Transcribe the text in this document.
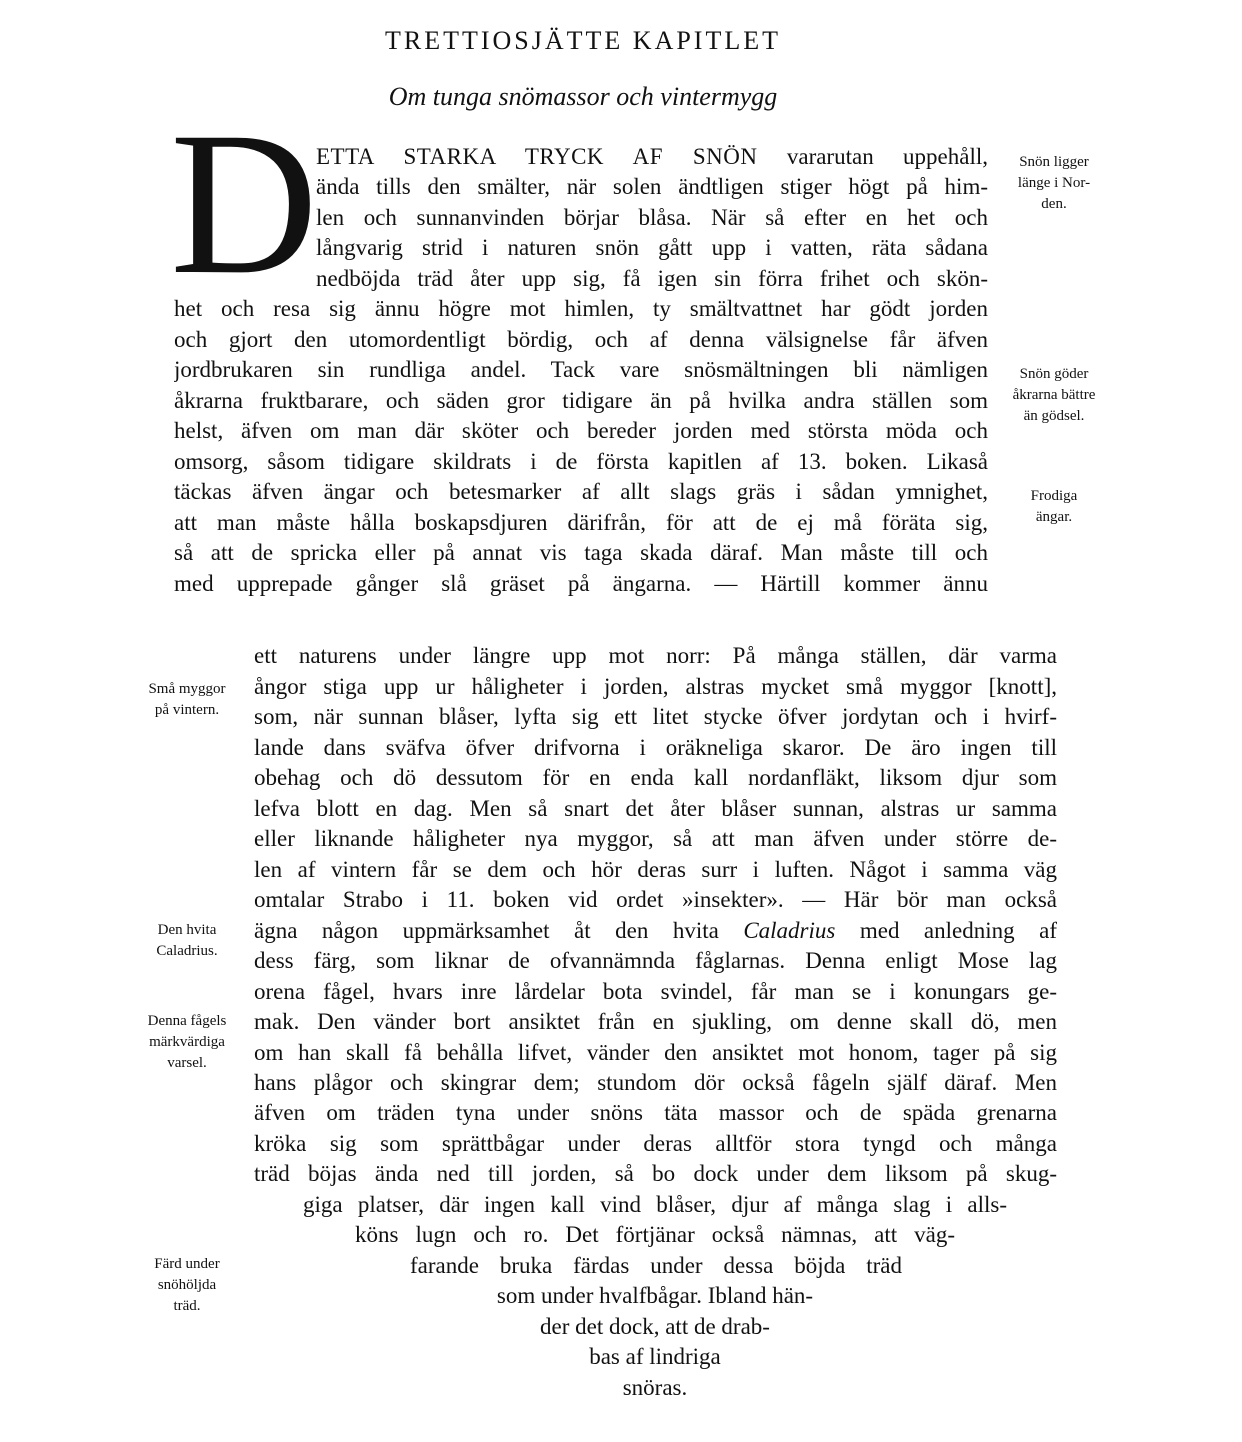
TRETTIOSJÄTTE KAPITLET
Om tunga snömassor och vintermygg
D
ETTA STARKA TRYCK AF SNÖN vararutan uppehåll,
ända tills den smälter, när solen ändtligen stiger högt på him-
len och sunnanvinden börjar blåsa. När så efter en het och
långvarig strid i naturen snön gått upp i vatten, räta sådana
nedböjda träd åter upp sig, få igen sin förra frihet och skön-
het och resa sig ännu högre mot himlen, ty smältvattnet har gödt jorden
och gjort den utomordentligt bördig, och af denna välsignelse får äfven
jordbrukaren sin rundliga andel. Tack vare snösmältningen bli nämligen
åkrarna fruktbarare, och säden gror tidigare än på hvilka andra ställen som
helst, äfven om man där sköter och bereder jorden med största möda och
omsorg, såsom tidigare skildrats i de första kapitlen af 13. boken. Likaså
täckas äfven ängar och betesmarker af allt slags gräs i sådan ymnighet,
att man måste hålla boskapsdjuren därifrån, för att de ej må föräta sig,
så att de spricka eller på annat vis taga skada däraf. Man måste till och
med upprepade gånger slå gräset på ängarna. — Härtill kommer ännu
Snön ligger
länge i Nor-
den.
Snön göder
åkrarna bättre
än gödsel.
Frodiga
ängar.
ett naturens under längre upp mot norr: På många ställen, där varma
ångor stiga upp ur håligheter i jorden, alstras mycket små myggor [knott],
som, när sunnan blåser, lyfta sig ett litet stycke öfver jordytan och i hvirf-
lande dans sväfva öfver drifvorna i oräkneliga skaror. De äro ingen till
obehag och dö dessutom för en enda kall nordanfläkt, liksom djur som
lefva blott en dag. Men så snart det åter blåser sunnan, alstras ur samma
eller liknande håligheter nya myggor, så att man äfven under större de-
len af vintern får se dem och hör deras surr i luften. Något i samma väg
omtalar Strabo i 11. boken vid ordet »insekter». — Här bör man också
ägna någon uppmärksamhet åt den hvita Caladrius med anledning af
dess färg, som liknar de ofvannämnda fåglarnas. Denna enligt Mose lag
orena fågel, hvars inre lårdelar bota svindel, får man se i konungars ge-
mak. Den vänder bort ansiktet från en sjukling, om denne skall dö, men
om han skall få behålla lifvet, vänder den ansiktet mot honom, tager på sig
hans plågor och skingrar dem; stundom dör också fågeln själf däraf. Men
äfven om träden tyna under snöns täta massor och de späda grenarna
kröka sig som sprättbågar under deras alltför stora tyngd och många
träd böjas ända ned till jorden, så bo dock under dem liksom på skug-
giga platser, där ingen kall vind blåser, djur af många slag i alls-
köns lugn och ro. Det förtjänar också nämnas, att väg-
farande bruka färdas under dessa böjda träd
som under hvalfbågar. Ibland hän-
der det dock, att de drab-
bas af lindriga
snöras.
Små myggor
på vintern.
Den hvita
Caladrius.
Denna fågels
märkvärdiga
varsel.
Färd under
snöhöljda
träd.
